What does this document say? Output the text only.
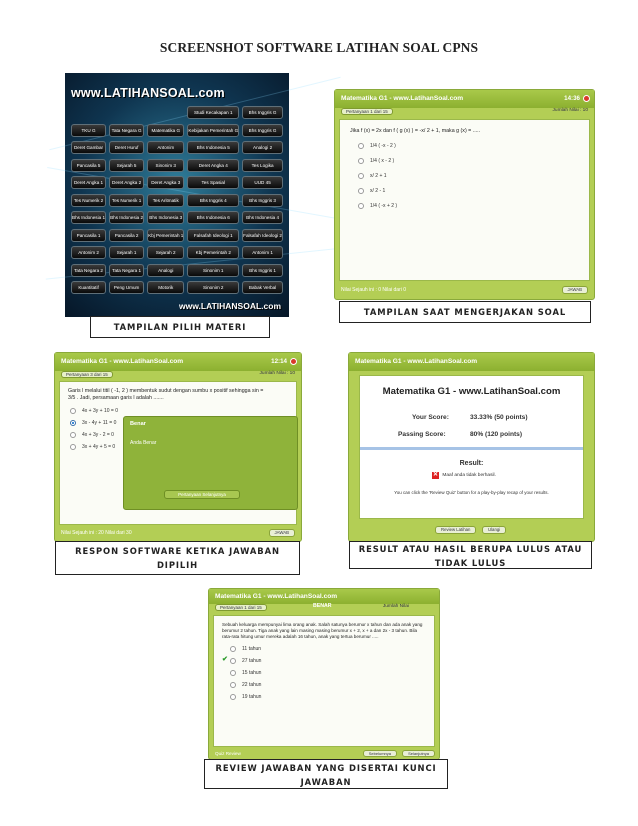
SCREENSHOT SOFTWARE LATIHAN SOAL CPNS
www.LATIHANSOAL.com
Studi Kecakapan 1	Bhs Inggris G
TKU G	Tata Negara G	Matematika G	Kebijakan Pemerintah G	Bhs Inggris G
Deret Gambar	Deret Huruf	Antonim	Bhs Indonesia 5	Analogi 2
Pancasila 5	Sejarah 5	Sinonim 3	Deret Angka 4	Tes Logika
Deret Angka 1	Deret Angka 2	Deret Angka 3	Tes Spasial	UUD 45
Tes Numerik 2	Tes Numerik 1	Tes Aritmatik	Bhs Inggris 4	Bhs Inggris 3
Bhs Indonesia 1 Bhs Indonesia 2	Bhs Indonesia 3	Bhs Indonesia 6	Bhs Indonesia 4
Pancasila 1	Pancasila 2	Kbj Pemerintah 1	Falsafah Ideologi 1	Falsafah Ideologi 2
Antonim 2	Sejarah 1	Sejarah 2	Kbj Pemerintah 2	Antonim 1
Tata Negara 2	Tata Negara 1	Analogi	Sinonim 1	Bhs Inggris 1
Kuantitatif	Peng Umum	Motorik	Sinonim 2	Babak Verbal
www.LATIHANSOAL.com
TAMPILAN PILIH MATERI
Matematika G1 - www.LatihanSoal.com	14:36
Pertanyaan 1 dari 15	Jumlah Nilai : 10
Jika f (x) = 2x dan f ( g (x) ) = -x/ 2 + 1, maka g (x) = .....
1/4 ( -x - 2 )
1/4 ( x - 2 )
x/ 2 + 1
x/ 2 - 1
1/4 ( -x + 2 )
Nilai Sejauh ini : 0 Nilai dari 0	JAWAB
TAMPILAN SAAT MENGERJAKAN SOAL
Matematika G1 - www.LatihanSoal.com	12:14
Pertanyaan 3 dari 15	Jumlah Nilai : 10
Garis l melalui titil ( -1, 2 ) membentuk sudut dengan sumbu x positif sehingga sin = 3/5 . Jadi, persamaan garis l adalah .......
4x + 3y + 10 = 0
3x - 4y + 11 = 0
4x + 3y - 2 = 0
3x + 4y + 5 = 0
Benar
Anda Benar
Pertanyaan Selanjutnya
Nilai Sejauh ini : 20 Nilai dari 30	JAWAB
RESPON SOFTWARE KETIKA JAWABAN DIPILIH
Matematika G1 - www.LatihanSoal.com
Matematika G1 - www.LatihanSoal.com
Your Score:	33.33% (50 points)
Passing Score:	80% (120 points)
Result:
✕ Maaf anda tidak berhasil.
You can click the 'Review Quiz' button for a play-by-play recap of your results.
Review Latihan	Ulangi
RESULT ATAU HASIL BERUPA LULUS ATAU TIDAK LULUS
Matematika G1 - www.LatihanSoal.com
Pertanyaan 1 dari 15	BENAR	Jumlah Nilai
Sebuah keluarga mempunyai lima orang anak. Salah satunya berumur x tahun dan ada anak yang berumur 2 tahun. Tiga anak yang lain masing masing berumur x + 2, x + a dan 2x - 3 tahun. Bila rata-rata hitung umur mereka adalah 16 tahun, anak yang tertua berumur .....
11 tahun
✔	27 tahun
15 tahun
22 tahun
19 tahun
Quiz Review	Sebelumnya	Selanjutnya
REVIEW JAWABAN YANG DISERTAI KUNCI JAWABAN
